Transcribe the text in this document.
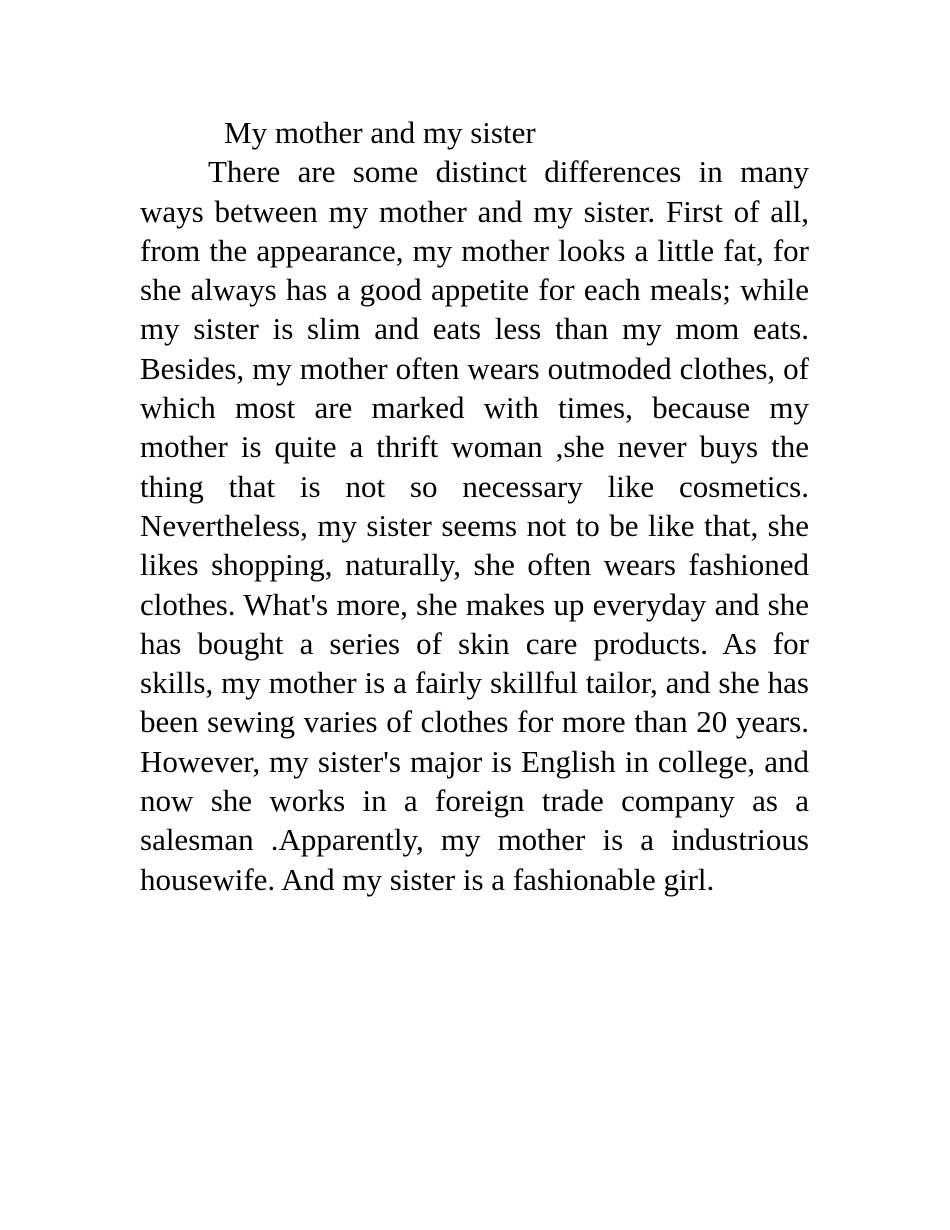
My mother and my sister

There are some distinct differences in many ways between my mother and my sister. First of all, from the appearance, my mother looks a little fat, for she always has a good appetite for each meals; while my sister is slim and eats less than my mom eats. Besides, my mother often wears outmoded clothes, of which most are marked with times, because my mother is quite a thrift woman ,she never buys the thing that is not so necessary like cosmetics. Nevertheless, my sister seems not to be like that, she likes shopping, naturally, she often wears fashioned clothes. What's more, she makes up everyday and she has bought a series of skin care products. As for skills, my mother is a fairly skillful tailor, and she has been sewing varies of clothes for more than 20 years. However, my sister's major is English in college, and now she works in a foreign trade company as a salesman .Apparently, my mother is a industrious housewife. And my sister is a fashionable girl.
